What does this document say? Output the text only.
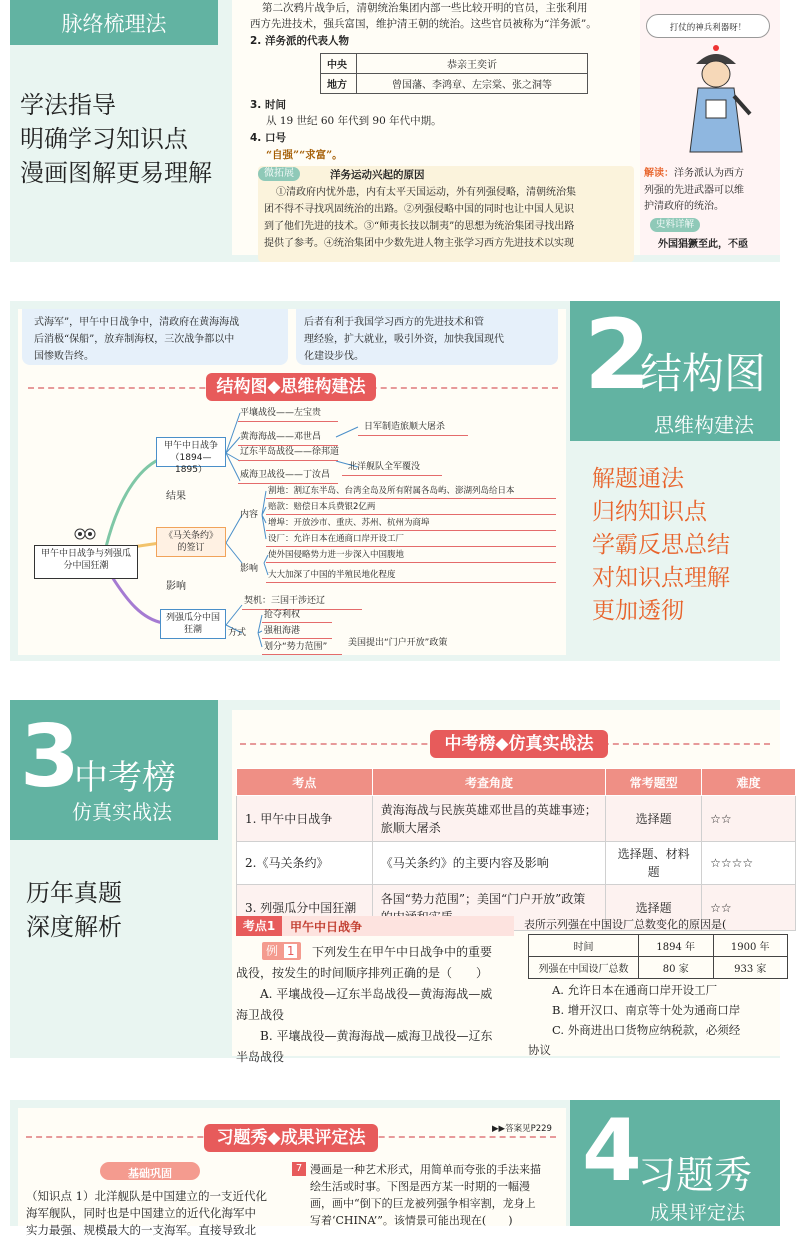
脉络梳理法
学法指导
明确学习知识点
漫画图解更易理解

第二次鸦片战争后，清朝统治集团内部一些比较开明的官员，主张利用

西方先进技术，强兵富国，维护清王朝的统治。这些官员被称为“洋务派”。

2. 洋务派的代表人物

中央	恭亲王奕䜣
地方	曾国藩、李鸿章、左宗棠、张之洞等

3. 时间

从 19 世纪 60 年代到 90 年代中期。

4. 口号

“自强”“求富”。

微拓展	洋务运动兴起的原因

①清政府内忧外患，内有太平天国运动，外有列强侵略，清朝统治集

团不得不寻找巩固统治的出路。②列强侵略中国的同时也让中国人见识

到了他们先进的技术。③“师夷长技以制夷”的思想为统治集团寻找出路

提供了参考。④统治集团中少数先进人物主张学习西方先进技术以实现

打仗的神兵利器呀！

解读：洋务派认为西方

列强的先进武器可以维

护清政府的统治。

史料详解

外国猖獗至此，不亟

式海军”，甲午中日战争中，清政府在黄海海战

后消极“保船”，放弃制海权，三次战争都以中

国惨败告终。

后者有利于我国学习西方的先进技术和管

理经验，扩大就业，吸引外资，加快我国现代

化建设步伐。

结构图◆思维构建法
甲午中日战争与列强瓜分中国狂潮
甲午中日战争（1894—1895）
平壤战役——左宝贵
黄海海战——邓世昌
辽东半岛战役——徐邦道
威海卫战役——丁汝昌
日军制造旅顺大屠杀
北洋舰队全军覆没
结果
《马关条约》的签订
内容
割地：割辽东半岛、台湾全岛及所有附属各岛屿、澎湖列岛给日本
赔款：赔偿日本兵费银2亿两
增埠：开放沙市、重庆、苏州、杭州为商埠
设厂：允许日本在通商口岸开设工厂
影响
使外国侵略势力进一步深入中国腹地
大大加深了中国的半殖民地化程度
影响
列强瓜分中国狂潮
契机：三国干涉还辽
方式
抢夺利权
强租海港
划分“势力范围” 美国提出“门户开放”政策
2
结构图
思维构建法
解题通法
归纳知识点
学霸反思总结
对知识点理解
更加透彻
3
中考榜
仿真实战法
历年真题
深度解析
中考榜◆仿真实战法
考点	考查角度	常考题型	难度
1. 甲午中日战争	黄海海战与民族英雄邓世昌的英雄事迹；旅顺大屠杀	选择题	☆☆
2.《马关条约》	《马关条约》的主要内容及影响	选择题、材料题	☆☆☆☆
3. 列强瓜分中国狂潮	各国“势力范围”；美国“门户开放”政策	选择题	☆☆
考点1	甲午中日战争
例 1	下列发生在甲午中日战争中的重要

战役，按发生的时间顺序排列正确的是（　　）

A. 平壤战役—辽东半岛战役—黄海海战—威

海卫战役

B. 平壤战役—黄海海战—威海卫战役—辽东

半岛战役

表所示列强在中国设厂总数变化的原因是(

时间	1894 年	1900 年
列强在中国设厂总数	80 家	933 家

A. 允许日本在通商口岸开设工厂

B. 增开汉口、南京等十处为通商口岸

C. 外商进出口货物应纳税款，必须经

协议

习题秀◆成果评定法	▶▶答案见P229
基础巩固

（知识点 1）北洋舰队是中国建立的一支近代化

海军舰队，同时也是中国建立的近代化海军中

实力最强、规模最大的一支海军。直接导致北

7 漫画是一种艺术形式，用简单而夸张的手法来描

绘生活或时事。下图是西方某一时期的一幅漫

画，画中“倒下的巨龙被列强争相宰割，龙身上

写着‘CHINA’”。该情景可能出现在(　　)

4
习题秀
成果评定法
